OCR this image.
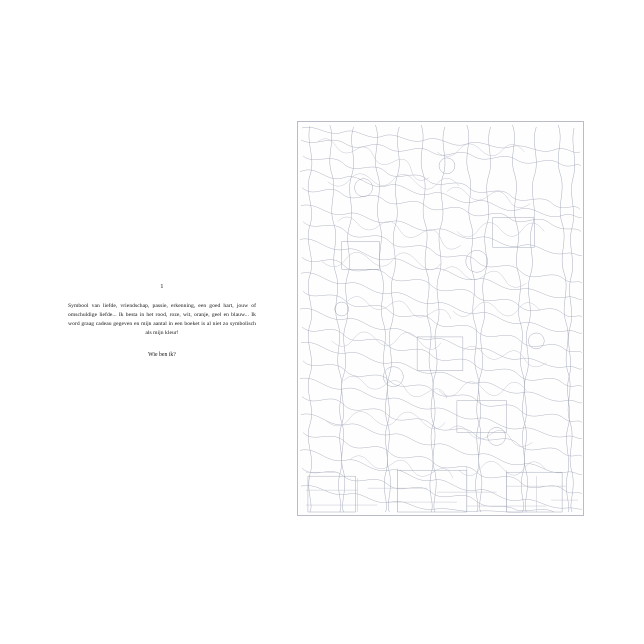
1
Symbool van liefde, vriendschap, passie, erkenning, een goed hart, jouw of omschuldige liefde... Ik besta in het rood, roze, wit, oranje, geel en blauw... Ik word graag cadeau gegeven en mijn aantal in een boeket is al niet zo symbolisch als mijn kleur!
Wie ben ik?
